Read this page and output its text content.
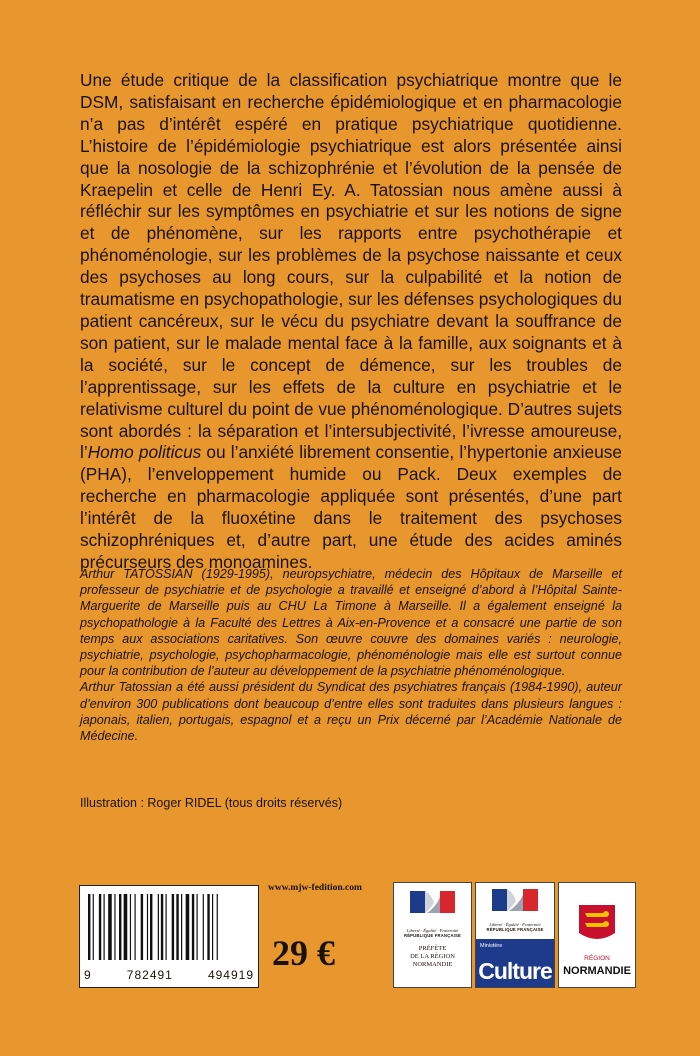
Une étude critique de la classification psychiatrique montre que le DSM, satisfaisant en recherche épidémiologique et en pharmacologie n’a pas d’intérêt espéré en pratique psychiatrique quotidienne. L’histoire de l’épidémiologie psychiatrique est alors présentée ainsi que la nosologie de la schizophrénie et l’évolution de la pensée de Kraepelin et celle de Henri Ey. A. Tatossian nous amène aussi à réfléchir sur les symptômes en psychiatrie et sur les notions de signe et de phénomène, sur les rapports entre psychothérapie et phénoménologie, sur les problèmes de la psychose naissante et ceux des psychoses au long cours, sur la culpabilité et la notion de traumatisme en psychopathologie, sur les défenses psychologiques du patient cancéreux, sur le vécu du psychiatre devant la souffrance de son patient, sur le malade mental face à la famille, aux soignants et à la société, sur le concept de démence, sur les troubles de l’apprentissage, sur les effets de la culture en psychiatrie et le relativisme culturel du point de vue phénoménologique. D’autres sujets sont abordés : la séparation et l’intersubjectivité, l’ivresse amoureuse, l’Homo politicus ou l’anxiété librement consentie, l’hypertonie anxieuse (PHA), l’enveloppement humide ou Pack. Deux exemples de recherche en pharmacologie appliquée sont présentés, d’une part l’intérêt de la fluoxétine dans le traitement des psychoses schizophréniques et, d’autre part, une étude des acides aminés précurseurs des monoamines.

Arthur TATOSSIAN (1929-1995), neuropsychiatre, médecin des Hôpitaux de Marseille et professeur de psychiatrie et de psychologie a travaillé et enseigné d’abord à l’Hôpital Sainte-Marguerite de Marseille puis au CHU La Timone à Marseille. Il a également enseigné la psychopathologie à la Faculté des Lettres à Aix-en-Provence et a consacré une partie de son temps aux associations caritatives. Son œuvre couvre des domaines variés : neurologie, psychiatrie, psychologie, psychopharmacologie, phénoménologie mais elle est surtout connue pour la contribution de l’auteur au développement de la psychiatrie phénoménologique.

Arthur Tatossian a été aussi président du Syndicat des psychiatres français (1984-1990), auteur d’environ 300 publications dont beaucoup d’entre elles sont traduites dans plusieurs langues : japonais, italien, portugais, espagnol et a reçu un Prix décerné par l’Académie Nationale de Médecine.

Illustration : Roger RIDEL (tous droits réservés)
9	782491	494919
www.mjw-fedition.com
29 €
Liberté · Égalité · Fraternité
RÉPUBLIQUE FRANÇAISE
PRÉFÈTE
DE LA RÉGION
NORMANDIE
Liberté · Égalité · Fraternité
RÉPUBLIQUE FRANÇAISE
Ministère
Culture	RÉGION
NORMANDIE
